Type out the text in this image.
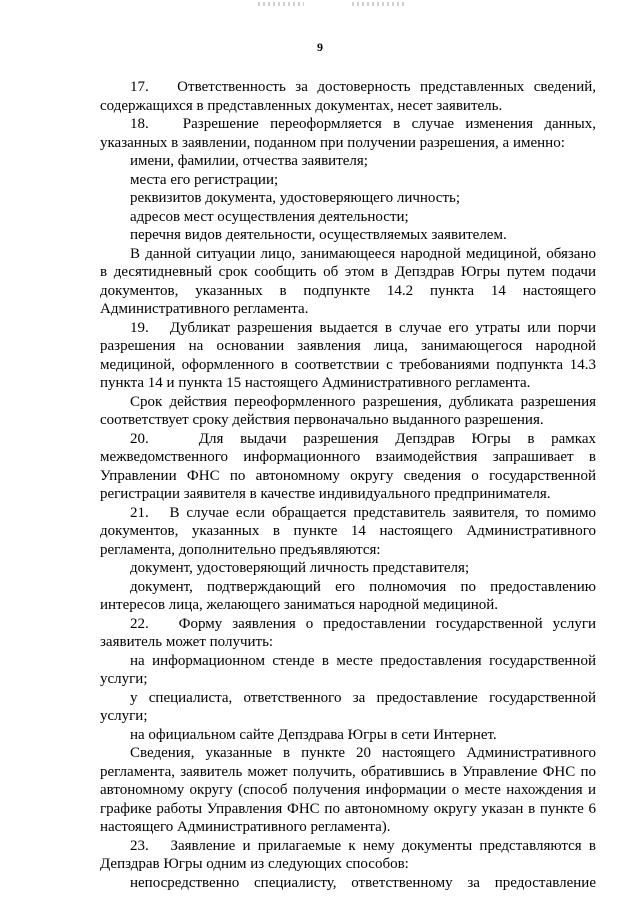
9

17.   Ответственность за достоверность представленных сведений, содержащихся в представленных документах, несет заявитель.

18.   Разрешение переоформляется в случае изменения данных, указанных в заявлении, поданном при получении разрешения, а именно:

имени, фамилии, отчества заявителя;

места его регистрации;

реквизитов документа, удостоверяющего личность;

адресов мест осуществления деятельности;

перечня видов деятельности, осуществляемых заявителем.

В данной ситуации лицо, занимающееся народной медициной, обязано в десятидневный срок сообщить об этом в Депздрав Югры путем подачи документов, указанных в подпункте 14.2 пункта 14 настоящего Административного регламента.

19.   Дубликат разрешения выдается в случае его утраты или порчи разрешения на основании заявления лица, занимающегося народной медициной, оформленного в соответствии с требованиями подпункта 14.3 пункта 14 и пункта 15 настоящего Административного регламента.

Срок действия переоформленного разрешения, дубликата разрешения соответствует сроку действия первоначально выданного разрешения.

20.   Для выдачи разрешения Депздрав Югры в рамках межведомственного информационного взаимодействия запрашивает в Управлении ФНС по автономному округу сведения о государственной регистрации заявителя в качестве индивидуального предпринимателя.

21.   В случае если обращается представитель заявителя, то помимо документов, указанных в пункте 14 настоящего Административного регламента, дополнительно предъявляются:

документ, удостоверяющий личность представителя;

документ, подтверждающий его полномочия по предоставлению интересов лица, желающего заниматься народной медициной.

22.   Форму заявления о предоставлении государственной услуги заявитель может получить:

на информационном стенде в месте предоставления государственной услуги;

у специалиста, ответственного за предоставление государственной услуги;

на официальном сайте Депздрава Югры в сети Интернет.

Сведения, указанные в пункте 20 настоящего Административного регламента, заявитель может получить, обратившись в Управление ФНС по автономному округу (способ получения информации о месте нахождения и графике работы Управления ФНС по автономному округу указан в пункте 6 настоящего Административного регламента).

23.   Заявление и прилагаемые к нему документы представляются в Депздрав Югры одним из следующих способов:

непосредственно специалисту, ответственному за предоставление
